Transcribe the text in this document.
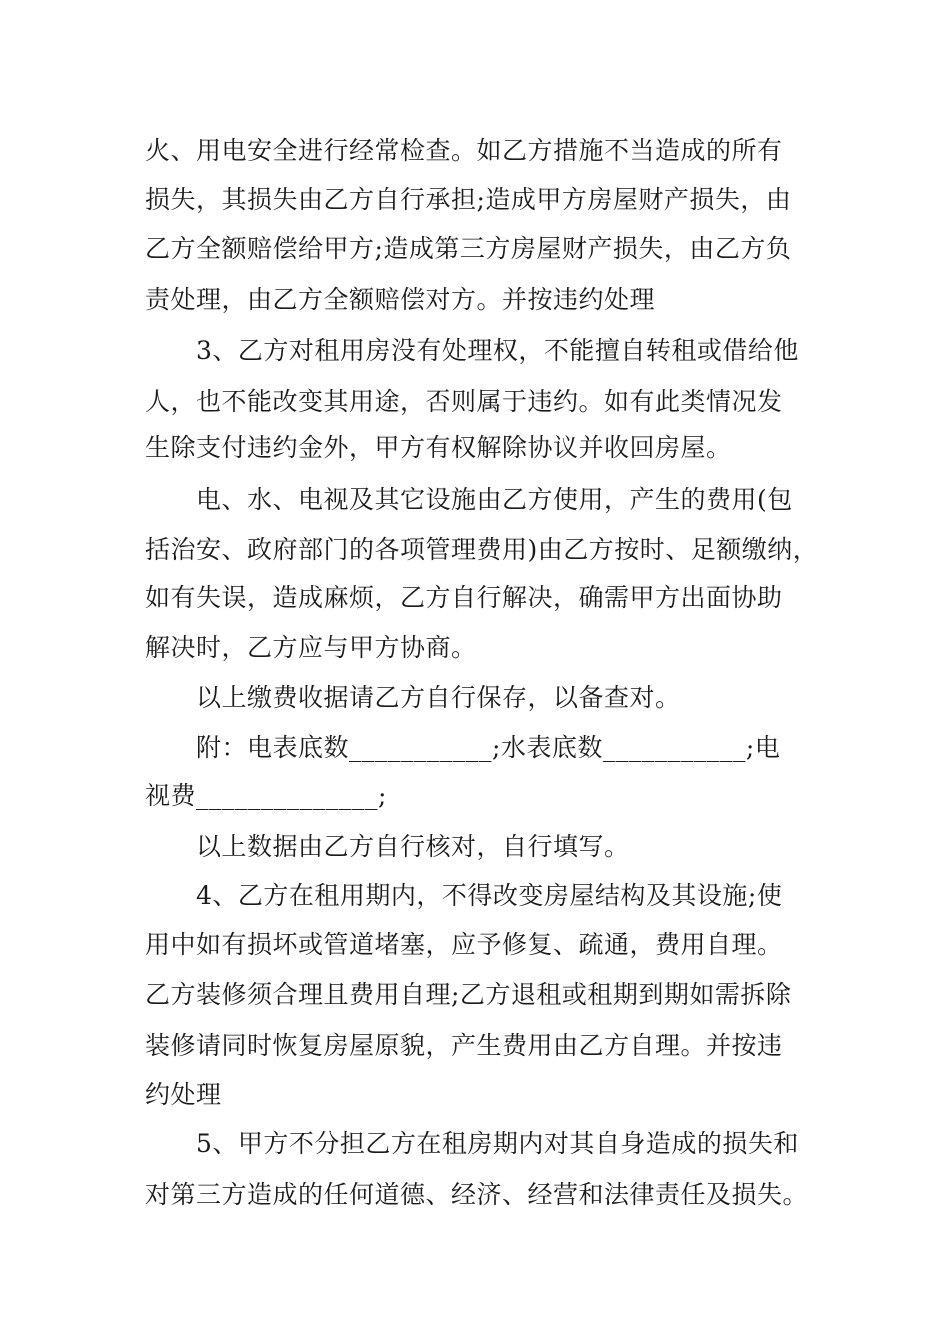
火、用电安全进行经常检查。如乙方措施不当造成的所有
损失，其损失由乙方自行承担;造成甲方房屋财产损失，由
乙方全额赔偿给甲方;造成第三方房屋财产损失，由乙方负
责处理，由乙方全额赔偿对方。并按违约处理
3、乙方对租用房没有处理权，不能擅自转租或借给他
人，也不能改变其用途，否则属于违约。如有此类情况发
生除支付违约金外，甲方有权解除协议并收回房屋。
电、水、电视及其它设施由乙方使用，产生的费用(包
括治安、政府部门的各项管理费用)由乙方按时、足额缴纳，
如有失误，造成麻烦，乙方自行解决，确需甲方出面协助
解决时，乙方应与甲方协商。
以上缴费收据请乙方自行保存，以备查对。
附：电表底数___________;水表底数___________;电
视费______________;
以上数据由乙方自行核对，自行填写。
4、乙方在租用期内，不得改变房屋结构及其设施;使
用中如有损坏或管道堵塞，应予修复、疏通，费用自理。
乙方装修须合理且费用自理;乙方退租或租期到期如需拆除
装修请同时恢复房屋原貌，产生费用由乙方自理。并按违
约处理
5、甲方不分担乙方在租房期内对其自身造成的损失和
对第三方造成的任何道德、经济、经营和法律责任及损失。
